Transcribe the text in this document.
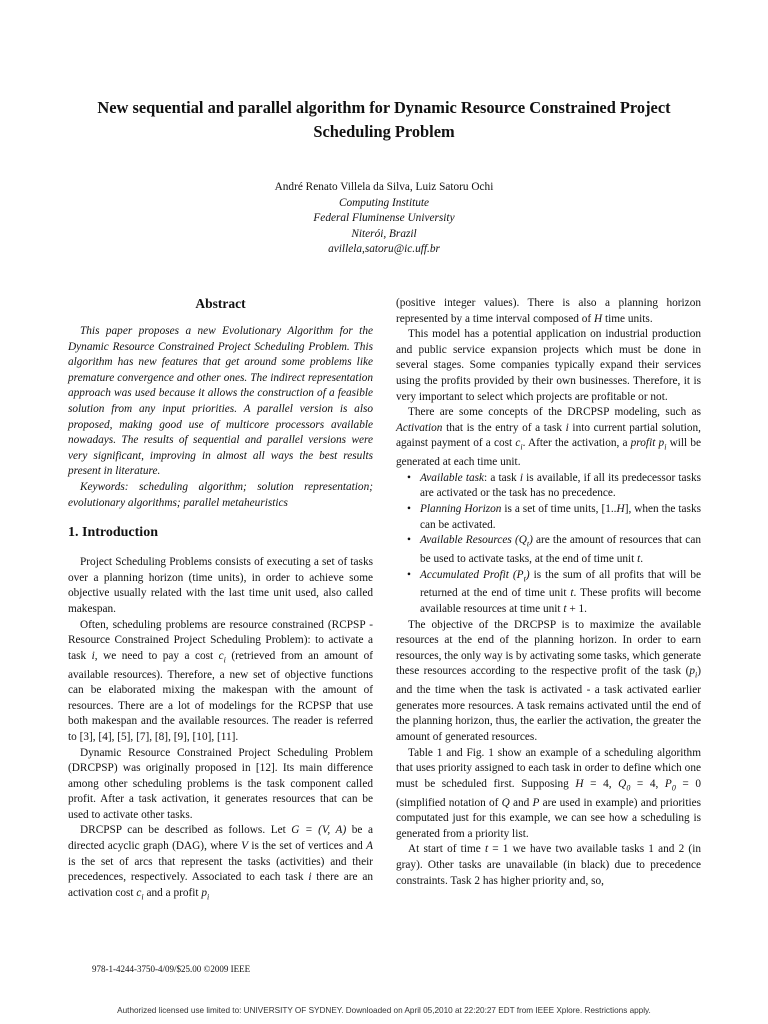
New sequential and parallel algorithm for Dynamic Resource Constrained Project Scheduling Problem
André Renato Villela da Silva, Luiz Satoru Ochi
Computing Institute
Federal Fluminense University
Niterói, Brazil
avillela,satoru@ic.uff.br
Abstract

This paper proposes a new Evolutionary Algorithm for the Dynamic Resource Constrained Project Scheduling Problem. This algorithm has new features that get around some problems like premature convergence and other ones. The indirect representation approach was used because it allows the construction of a feasible solution from any input priorities. A parallel version is also proposed, making good use of multicore processors available nowadays. The results of sequential and parallel versions were very significant, improving in almost all ways the best results present in literature.

Keywords: scheduling algorithm; solution representation; evolutionary algorithms; parallel metaheuristics

1. Introduction

Project Scheduling Problems consists of executing a set of tasks over a planning horizon (time units), in order to achieve some objective usually related with the last time unit used, also called makespan.

Often, scheduling problems are resource constrained (RCPSP - Resource Constrained Project Scheduling Problem): to activate a task i, we need to pay a cost $c_i$ (retrieved from an amount of available resources). Therefore, a new set of objective functions can be elaborated mixing the makespan with the amount of resources. There are a lot of modelings for the RCPSP that use both makespan and the available resources. The reader is referred to [3], [4], [5], [7], [8], [9], [10], [11].

Dynamic Resource Constrained Project Scheduling Problem (DRCPSP) was originally proposed in [12]. Its main difference among other scheduling problems is the task component called profit. After a task activation, it generates resources that can be used to activate other tasks.

DRCPSP can be described as follows. Let G = (V, A) be a directed acyclic graph (DAG), where V is the set of vertices and A is the set of arcs that represent the tasks (activities) and their precedences, respectively. Associated to each task i there are an activation cost $c_i$ and a profit $p_i$

(positive integer values). There is also a planning horizon represented by a time interval composed of H time units.

This model has a potential application on industrial production and public service expansion projects which must be done in several stages. Some companies typically expand their services using the profits provided by their own businesses. Therefore, it is very important to select which projects are profitable or not.

There are some concepts of the DRCPSP modeling, such as Activation that is the entry of a task i into current partial solution, against payment of a cost $c_i$. After the activation, a profit $p_i$ will be generated at each time unit.

• Available task: a task i is available, if all its predecessor tasks are activated or the task has no precedence.
• Planning Horizon is a set of time units, [1..H], when the tasks can be activated.
• Available Resources $(Q_t)$ are the amount of resources that can be used to activate tasks, at the end of time unit t.
• Accumulated Profit $(P_t)$ is the sum of all profits that will be returned at the end of time unit t. These profits will become available resources at time unit t + 1.

The objective of the DRCPSP is to maximize the available resources at the end of the planning horizon. In order to earn resources, the only way is by activating some tasks, which generate these resources according to the respective profit of the task $(p_i)$ and the time when the task is activated - a task activated earlier generates more resources. A task remains activated until the end of the planning horizon, thus, the earlier the activation, the greater the amount of generated resources.

Table 1 and Fig. 1 show an example of a scheduling algorithm that uses priority assigned to each task in order to define which one must be scheduled first. Supposing H = 4, $Q_0 = 4$, $P_0 = 0$ (simplified notation of Q and P are used in example) and priorities computated just for this example, we can see how a scheduling is generated from a priority list.

At start of time t = 1 we have two available tasks 1 and 2 (in gray). Other tasks are unavailable (in black) due to precedence constraints. Task 2 has higher priority and, so,

978-1-4244-3750-4/09/$25.00 ©2009 IEEE
Authorized licensed use limited to: UNIVERSITY OF SYDNEY. Downloaded on April 05,2010 at 22:20:27 EDT from IEEE Xplore. Restrictions apply.
